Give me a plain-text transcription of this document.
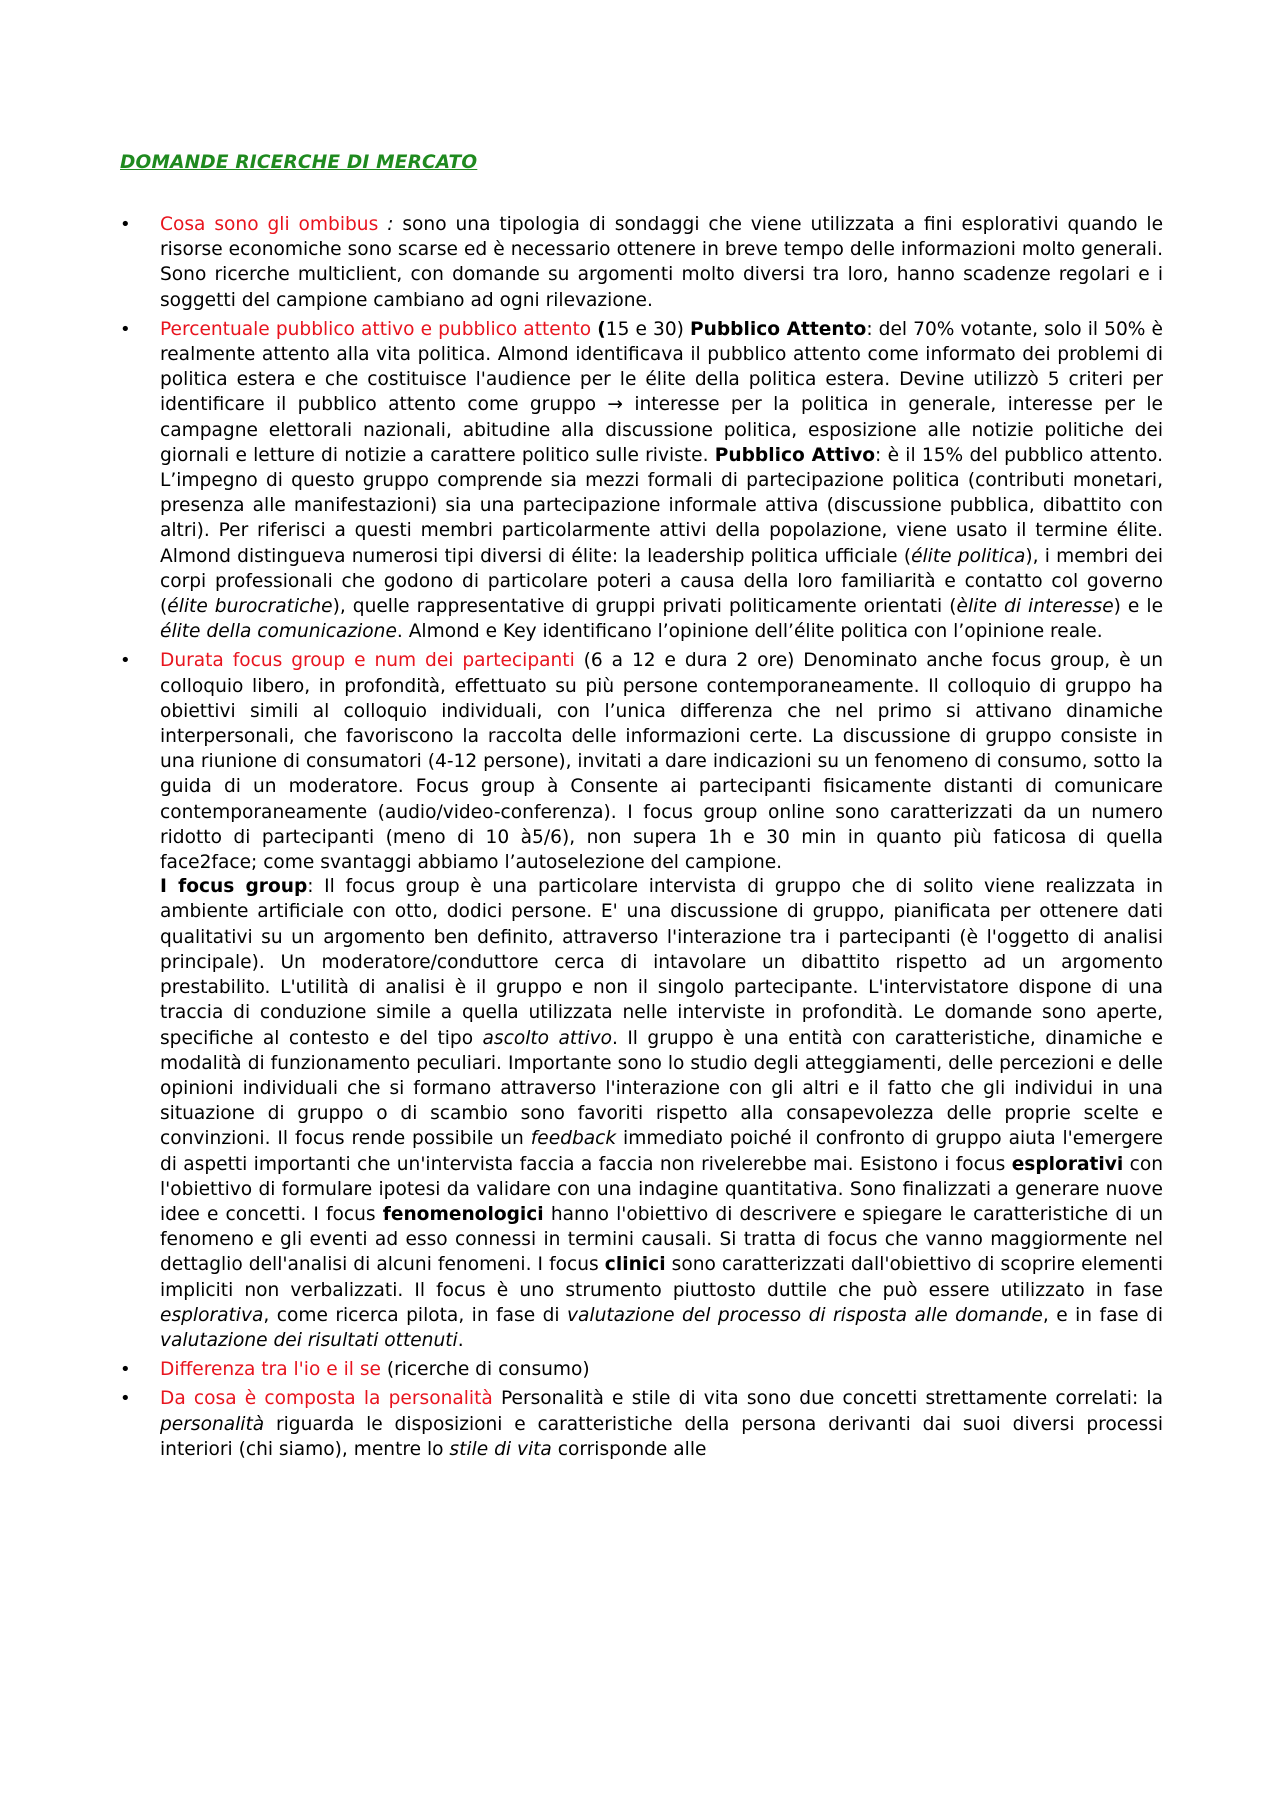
DOMANDE RICERCHE DI MERCATO
• Cosa sono gli ombibus : sono una tipologia di sondaggi che viene utilizzata a fini esplorativi quando le risorse economiche sono scarse ed è necessario ottenere in breve tempo delle informazioni molto generali. Sono ricerche multiclient, con domande su argomenti molto diversi tra loro, hanno scadenze regolari e i soggetti del campione cambiano ad ogni rilevazione.
• Percentuale pubblico attivo e pubblico attento (15 e 30) Pubblico Attento: del 70% votante, solo il 50% è realmente attento alla vita politica. Almond identificava il pubblico attento come informato dei problemi di politica estera e che costituisce l'audience per le élite della politica estera. Devine utilizzò 5 criteri per identificare il pubblico attento come gruppo → interesse per la politica in generale, interesse per le campagne elettorali nazionali, abitudine alla discussione politica, esposizione alle notizie politiche dei giornali e letture di notizie a carattere politico sulle riviste. Pubblico Attivo: è il 15% del pubblico attento. L’impegno di questo gruppo comprende sia mezzi formali di partecipazione politica (contributi monetari, presenza alle manifestazioni) sia una partecipazione informale attiva (discussione pubblica, dibattito con altri). Per riferisci a questi membri particolarmente attivi della popolazione, viene usato il termine élite. Almond distingueva numerosi tipi diversi di élite: la leadership politica ufficiale (élite politica), i membri dei corpi professionali che godono di particolare poteri a causa della loro familiarità e contatto col governo (élite burocratiche), quelle rappresentative di gruppi privati politicamente orientati (èlite di interesse) e le élite della comunicazione. Almond e Key identificano l’opinione dell’élite politica con l’opinione reale.
• Durata focus group e num dei partecipanti (6 a 12 e dura 2 ore) Denominato anche focus group, è un colloquio libero, in profondità, effettuato su più persone contemporaneamente. Il colloquio di gruppo ha obiettivi simili al colloquio individuali, con l’unica differenza che nel primo si attivano dinamiche interpersonali, che favoriscono la raccolta delle informazioni certe. La discussione di gruppo consiste in una riunione di consumatori (4-12 persone), invitati a dare indicazioni su un fenomeno di consumo, sotto la guida di un moderatore. Focus group à Consente ai partecipanti fisicamente distanti di comunicare contemporaneamente (audio/video-conferenza). I focus group online sono caratterizzati da un numero ridotto di partecipanti (meno di 10 à5/6), non supera 1h e 30 min in quanto più faticosa di quella face2face; come svantaggi abbiamo l’autoselezione del campione.
I focus group: Il focus group è una particolare intervista di gruppo che di solito viene realizzata in ambiente artificiale con otto, dodici persone. E' una discussione di gruppo, pianificata per ottenere dati qualitativi su un argomento ben definito, attraverso l'interazione tra i partecipanti (è l'oggetto di analisi principale). Un moderatore/conduttore cerca di intavolare un dibattito rispetto ad un argomento prestabilito. L'utilità di analisi è il gruppo e non il singolo partecipante. L'intervistatore dispone di una traccia di conduzione simile a quella utilizzata nelle interviste in profondità. Le domande sono aperte, specifiche al contesto e del tipo ascolto attivo. Il gruppo è una entità con caratteristiche, dinamiche e modalità di funzionamento peculiari. Importante sono lo studio degli atteggiamenti, delle percezioni e delle opinioni individuali che si formano attraverso l'interazione con gli altri e il fatto che gli individui in una situazione di gruppo o di scambio sono favoriti rispetto alla consapevolezza delle proprie scelte e convinzioni. Il focus rende possibile un feedback immediato poiché il confronto di gruppo aiuta l'emergere di aspetti importanti che un'intervista faccia a faccia non rivelerebbe mai. Esistono i focus esplorativi con l'obiettivo di formulare ipotesi da validare con una indagine quantitativa. Sono finalizzati a generare nuove idee e concetti. I focus fenomenologici hanno l'obiettivo di descrivere e spiegare le caratteristiche di un fenomeno e gli eventi ad esso connessi in termini causali. Si tratta di focus che vanno maggiormente nel dettaglio dell'analisi di alcuni fenomeni. I focus clinici sono caratterizzati dall'obiettivo di scoprire elementi impliciti non verbalizzati. Il focus è uno strumento piuttosto duttile che può essere utilizzato in fase esplorativa, come ricerca pilota, in fase di valutazione del processo di risposta alle domande, e in fase di valutazione dei risultati ottenuti.
• Differenza tra l'io e il se (ricerche di consumo)
• Da cosa è composta la personalità Personalità e stile di vita sono due concetti strettamente correlati: la personalità riguarda le disposizioni e caratteristiche della persona derivanti dai suoi diversi processi interiori (chi siamo), mentre lo stile di vita corrisponde alle
